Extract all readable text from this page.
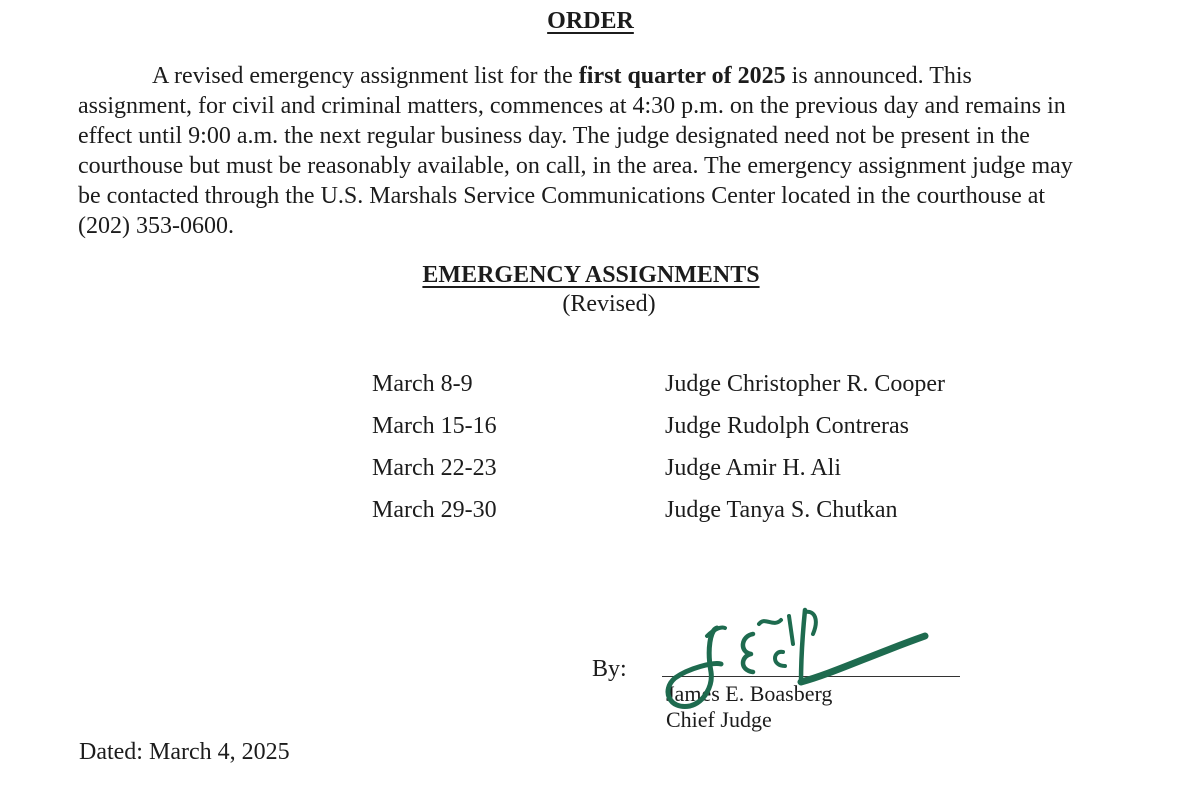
ORDER
A revised emergency assignment list for the first quarter of 2025 is announced. This
assignment, for civil and criminal matters, commences at 4:30 p.m. on the previous day and remains in
effect until 9:00 a.m. the next regular business day. The judge designated need not be present in the
courthouse but must be reasonably available, on call, in the area. The emergency assignment judge may
be contacted through the U.S. Marshals Service Communications Center located in the courthouse at
(202) 353-0600.
EMERGENCY ASSIGNMENTS
(Revised)
March 8-9	Judge Christopher R. Cooper
March 15-16	Judge Rudolph Contreras
March 22-23	Judge Amir H. Ali
March 29-30	Judge Tanya S. Chutkan
By:
James E. Boasberg
Chief Judge
Dated: March 4, 2025
